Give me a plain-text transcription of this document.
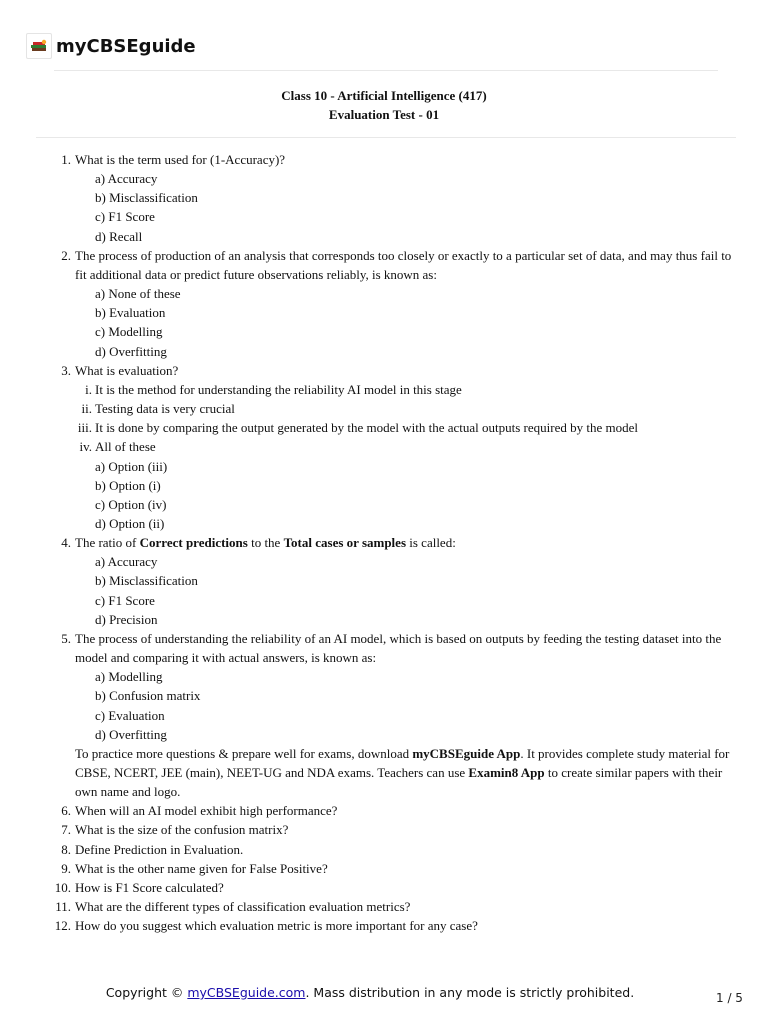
myCBSEguide
Class 10 - Artificial Intelligence (417)
Evaluation Test - 01
1. What is the term used for (1-Accuracy)?
a) Accuracy
b) Misclassification
c) F1 Score
d) Recall
2. The process of production of an analysis that corresponds too closely or exactly to a particular set of data, and may thus fail to fit additional data or predict future observations reliably, is known as:
a) None of these
b) Evaluation
c) Modelling
d) Overfitting
3. What is evaluation?
i. It is the method for understanding the reliability AI model in this stage
ii. Testing data is very crucial
iii. It is done by comparing the output generated by the model with the actual outputs required by the model
iv. All of these
a) Option (iii)
b) Option (i)
c) Option (iv)
d) Option (ii)
4. The ratio of Correct predictions to the Total cases or samples is called:
a) Accuracy
b) Misclassification
c) F1 Score
d) Precision
5. The process of understanding the reliability of an AI model, which is based on outputs by feeding the testing dataset into the model and comparing it with actual answers, is known as:
a) Modelling
b) Confusion matrix
c) Evaluation
d) Overfitting
To practice more questions & prepare well for exams, download myCBSEguide App. It provides complete study material for CBSE, NCERT, JEE (main), NEET-UG and NDA exams. Teachers can use Examin8 App to create similar papers with their own name and logo.
6. When will an AI model exhibit high performance?
7. What is the size of the confusion matrix?
8. Define Prediction in Evaluation.
9. What is the other name given for False Positive?
10. How is F1 Score calculated?
11. What are the different types of classification evaluation metrics?
12. How do you suggest which evaluation metric is more important for any case?
Copyright © myCBSEguide.com. Mass distribution in any mode is strictly prohibited.	1 / 5
